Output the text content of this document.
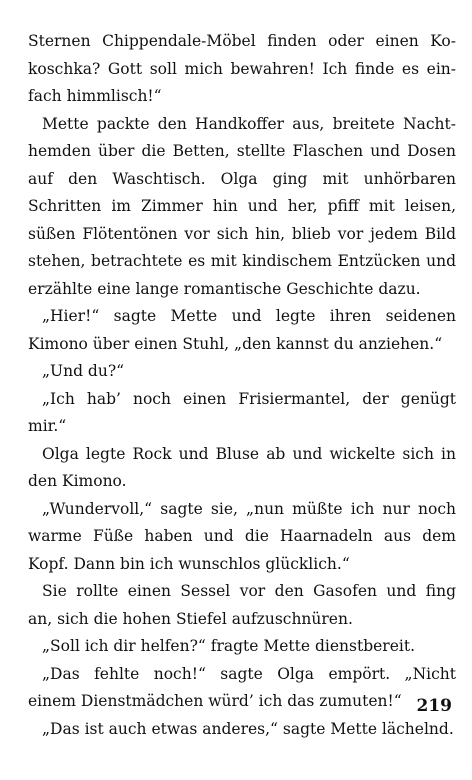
Sternen Chippendale-Möbel finden oder einen Ko-
koschka? Gott soll mich bewahren! Ich finde es ein-
fach himmlisch!“
Mette packte den Handkoffer aus, breitete Nacht-
hemden über die Betten, stellte Flaschen und Dosen
auf den Waschtisch. Olga ging mit unhörbaren
Schritten im Zimmer hin und her, pfiff mit leisen,
süßen Flötentönen vor sich hin, blieb vor jedem Bild
stehen, betrachtete es mit kindischem Entzücken und
erzählte eine lange romantische Geschichte dazu.
„Hier!“ sagte Mette und legte ihren seidenen
Kimono über einen Stuhl, „den kannst du anziehen.“
„Und du?“
„Ich hab’ noch einen Frisiermantel, der genügt
mir.“
Olga legte Rock und Bluse ab und wickelte sich in
den Kimono.
„Wundervoll,“ sagte sie, „nun müßte ich nur noch
warme Füße haben und die Haarnadeln aus dem
Kopf. Dann bin ich wunschlos glücklich.“
Sie rollte einen Sessel vor den Gasofen und fing
an, sich die hohen Stiefel aufzuschnüren.
„Soll ich dir helfen?“ fragte Mette dienstbereit.
„Das fehlte noch!“ sagte Olga empört. „Nicht
einem Dienstmädchen würd’ ich das zumuten!“
„Das ist auch etwas anderes,“ sagte Mette lächelnd.
219
